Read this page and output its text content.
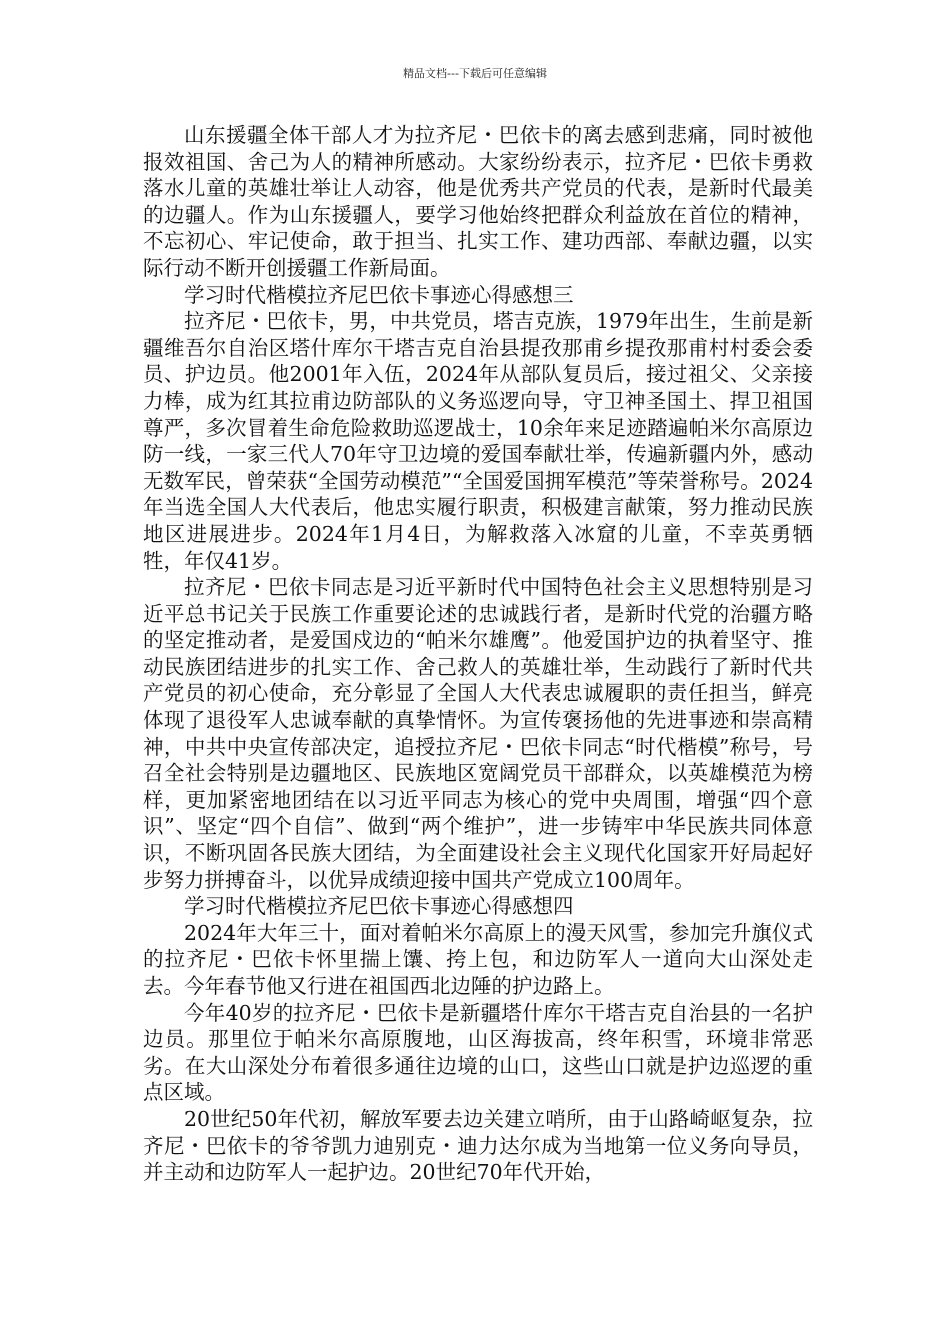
精品文档---下载后可任意编辑

山东援疆全体干部人才为拉齐尼・巴依卡的离去感到悲痛，同时被他报效祖国、舍己为人的精神所感动。大家纷纷表示，拉齐尼・巴依卡勇救落水儿童的英雄壮举让人动容，他是优秀共产党员的代表，是新时代最美的边疆人。作为山东援疆人，要学习他始终把群众利益放在首位的精神，不忘初心、牢记使命，敢于担当、扎实工作、建功西部、奉献边疆，以实际行动不断开创援疆工作新局面。

学习时代楷模拉齐尼巴依卡事迹心得感想三

拉齐尼・巴依卡，男，中共党员，塔吉克族，1979年出生，生前是新疆维吾尔自治区塔什库尔干塔吉克自治县提孜那甫乡提孜那甫村村委会委员、护边员。他2001年入伍，2024年从部队复员后，接过祖父、父亲接力棒，成为红其拉甫边防部队的义务巡逻向导，守卫神圣国土、捍卫祖国尊严，多次冒着生命危险救助巡逻战士，10余年来足迹踏遍帕米尔高原边防一线，一家三代人70年守卫边境的爱国奉献壮举，传遍新疆内外，感动无数军民，曾荣获“全国劳动模范”“全国爱国拥军模范”等荣誉称号。2024年当选全国人大代表后，他忠实履行职责，积极建言献策，努力推动民族地区进展进步。2024年1月4日，为解救落入冰窟的儿童，不幸英勇牺牲，年仅41岁。

拉齐尼・巴依卡同志是习近平新时代中国特色社会主义思想特别是习近平总书记关于民族工作重要论述的忠诚践行者，是新时代党的治疆方略的坚定推动者，是爱国戍边的“帕米尔雄鹰”。他爱国护边的执着坚守、推动民族团结进步的扎实工作、舍己救人的英雄壮举，生动践行了新时代共产党员的初心使命，充分彰显了全国人大代表忠诚履职的责任担当，鲜亮体现了退役军人忠诚奉献的真挚情怀。为宣传褒扬他的先进事迹和崇高精神，中共中央宣传部决定，追授拉齐尼・巴依卡同志“时代楷模”称号，号召全社会特别是边疆地区、民族地区宽阔党员干部群众，以英雄模范为榜样，更加紧密地团结在以习近平同志为核心的党中央周围，增强“四个意识”、坚定“四个自信”、做到“两个维护”，进一步铸牢中华民族共同体意识，不断巩固各民族大团结，为全面建设社会主义现代化国家开好局起好步努力拼搏奋斗，以优异成绩迎接中国共产党成立100周年。

学习时代楷模拉齐尼巴依卡事迹心得感想四

2024年大年三十，面对着帕米尔高原上的漫天风雪，参加完升旗仪式的拉齐尼・巴依卡怀里揣上馕、挎上包，和边防军人一道向大山深处走去。今年春节他又行进在祖国西北边陲的护边路上。

今年40岁的拉齐尼・巴依卡是新疆塔什库尔干塔吉克自治县的一名护边员。那里位于帕米尔高原腹地，山区海拔高，终年积雪，环境非常恶劣。在大山深处分布着很多通往边境的山口，这些山口就是护边巡逻的重点区域。

20世纪50年代初，解放军要去边关建立哨所，由于山路崎岖复杂，拉齐尼・巴依卡的爷爷凯力迪别克・迪力达尔成为当地第一位义务向导员，并主动和边防军人一起护边。20世纪70年代开始，
